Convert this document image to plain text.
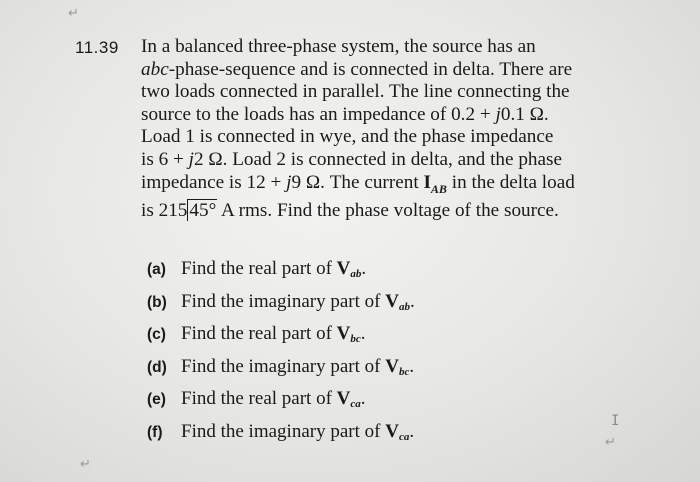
↵
↵
↵
I
11.39 In a balanced three-phase system, the source has an
abc-phase-sequence and is connected in delta. There are
two loads connected in parallel. The line connecting the
source to the loads has an impedance of 0.2 + j0.1 Ω.
Load 1 is connected in wye, and the phase impedance
is 6 + j2 Ω. Load 2 is connected in delta, and the phase
impedance is 12 + j9 Ω. The current $I_{AB}$ in the delta load
is 215 45° A rms. Find the phase voltage of the source.
(a) Find the real part of Vab.
(b) Find the imaginary part of Vab.
(c) Find the real part of Vbc.
(d) Find the imaginary part of Vbc.
(e) Find the real part of Vca.
(f) Find the imaginary part of Vca.
